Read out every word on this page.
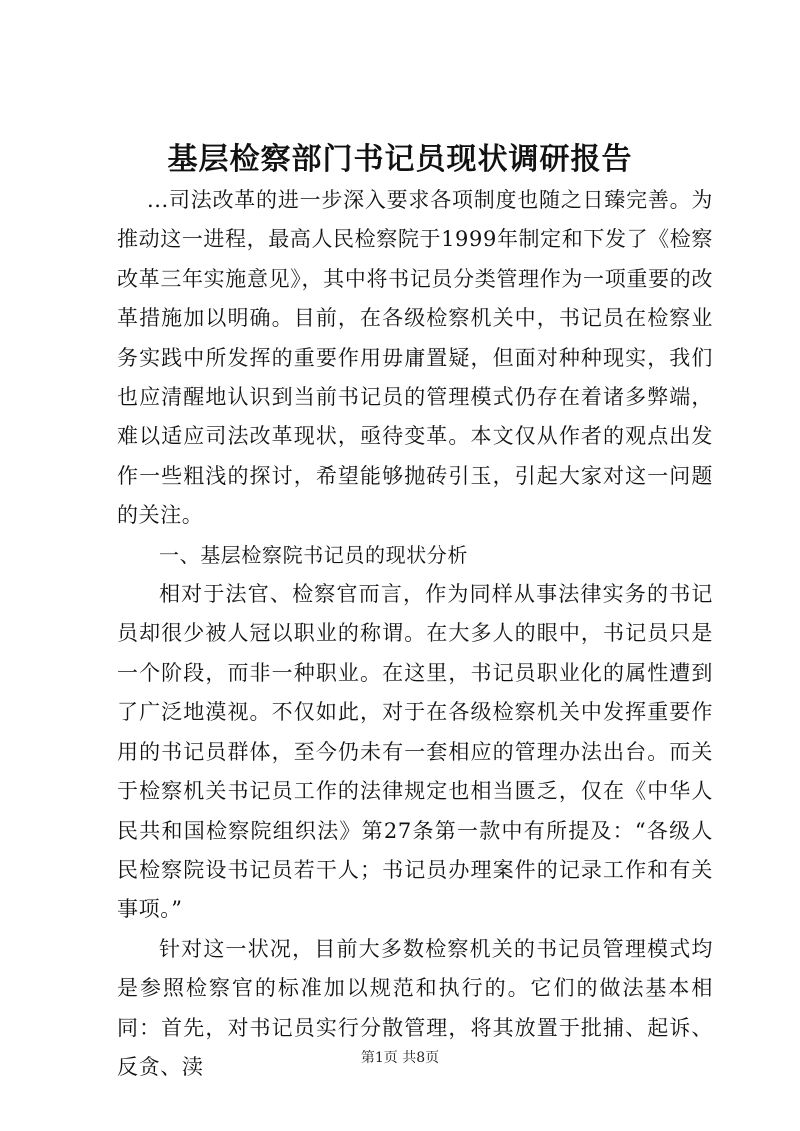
基层检察部门书记员现状调研报告

...司法改革的进一步深入要求各项制度也随之日臻完善。为推动这一进程，最高人民检察院于1999年制定和下发了《检察改革三年实施意见》，其中将书记员分类管理作为一项重要的改革措施加以明确。目前，在各级检察机关中，书记员在检察业务实践中所发挥的重要作用毋庸置疑，但面对种种现实，我们也应清醒地认识到当前书记员的管理模式仍存在着诸多弊端，难以适应司法改革现状，亟待变革。本文仅从作者的观点出发作一些粗浅的探讨，希望能够抛砖引玉，引起大家对这一问题的关注。

一、基层检察院书记员的现状分析

相对于法官、检察官而言，作为同样从事法律实务的书记员却很少被人冠以职业的称谓。在大多人的眼中，书记员只是一个阶段，而非一种职业。在这里，书记员职业化的属性遭到了广泛地漠视。不仅如此，对于在各级检察机关中发挥重要作用的书记员群体，至今仍未有一套相应的管理办法出台。而关于检察机关书记员工作的法律规定也相当匮乏，仅在《中华人民共和国检察院组织法》第27条第一款中有所提及：“各级人民检察院设书记员若干人；书记员办理案件的记录工作和有关事项。”

针对这一状况，目前大多数检察机关的书记员管理模式均是参照检察官的标准加以规范和执行的。它们的做法基本相同：首先，对书记员实行分散管理，将其放置于批捕、起诉、反贪、渎	第1页 共8页
